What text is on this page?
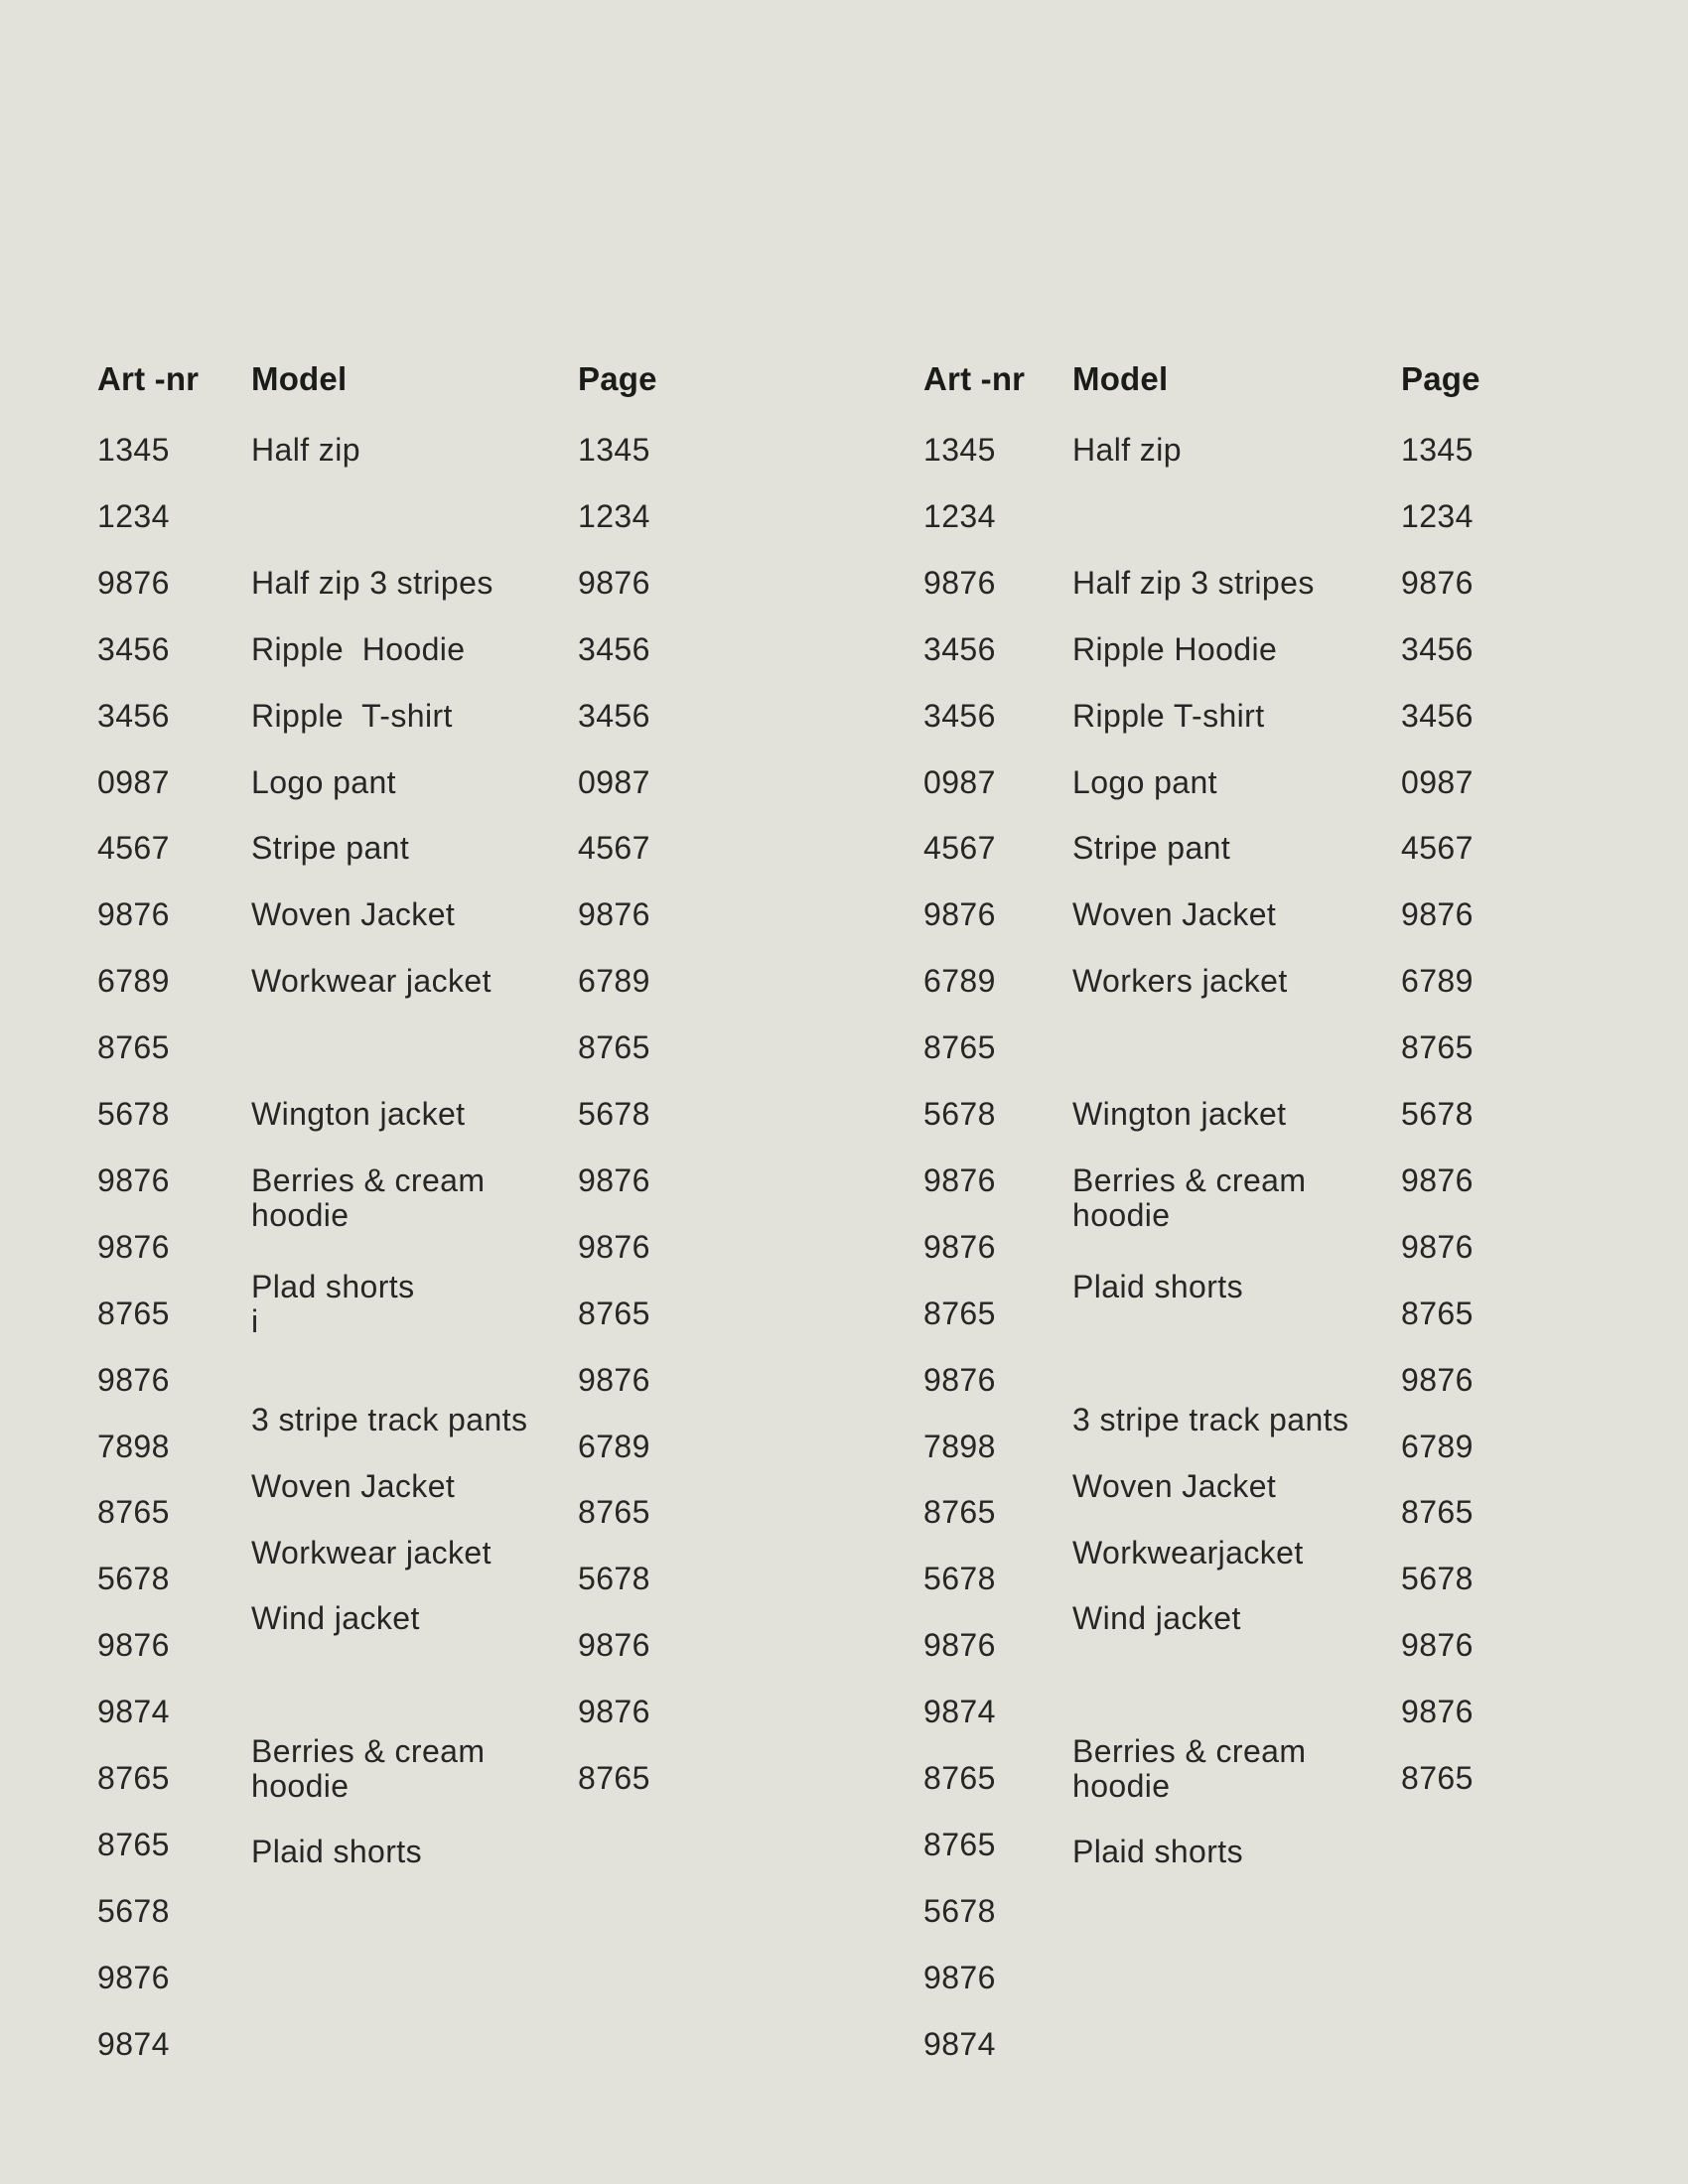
Art -nr Model	Page
1345
1234
9876
3456
3456
0987
4567
9876
6789
8765
5678
9876
9876
8765
9876
7898
8765
5678
9876
9874
8765
8765
5678
9876
9874
1345
1234
9876
3456
3456
0987
4567
9876
6789
8765
5678
9876
9876
8765
9876
6789
8765
5678
9876
9876
8765
Half zip
Half zip 3 stripes
Ripple  Hoodie
Ripple  T-shirt
Logo pant
Stripe pant
Woven Jacket
Workwear jacket
Wington jacket
Berries & cream
hoodie
Plad shorts
i
3 stripe track pants
Woven Jacket
Workwear jacket
Wind jacket
Berries & cream
hoodie
Plaid shorts
Art -nr Model	Page
1345
1234
9876
3456
3456
0987
4567
9876
6789
8765
5678
9876
9876
8765
9876
7898
8765
5678
9876
9874
8765
8765
5678
9876
9874
1345
1234
9876
3456
3456
0987
4567
9876
6789
8765
5678
9876
9876
8765
9876
6789
8765
5678
9876
9876
8765
Half zip
Half zip 3 stripes
Ripple Hoodie
Ripple T-shirt
Logo pant
Stripe pant
Woven Jacket
Workers jacket
Wington jacket
Berries & cream
hoodie
Plaid shorts
3 stripe track pants
Woven Jacket
Workwearjacket
Wind jacket
Berries & cream
hoodie
Plaid shorts
